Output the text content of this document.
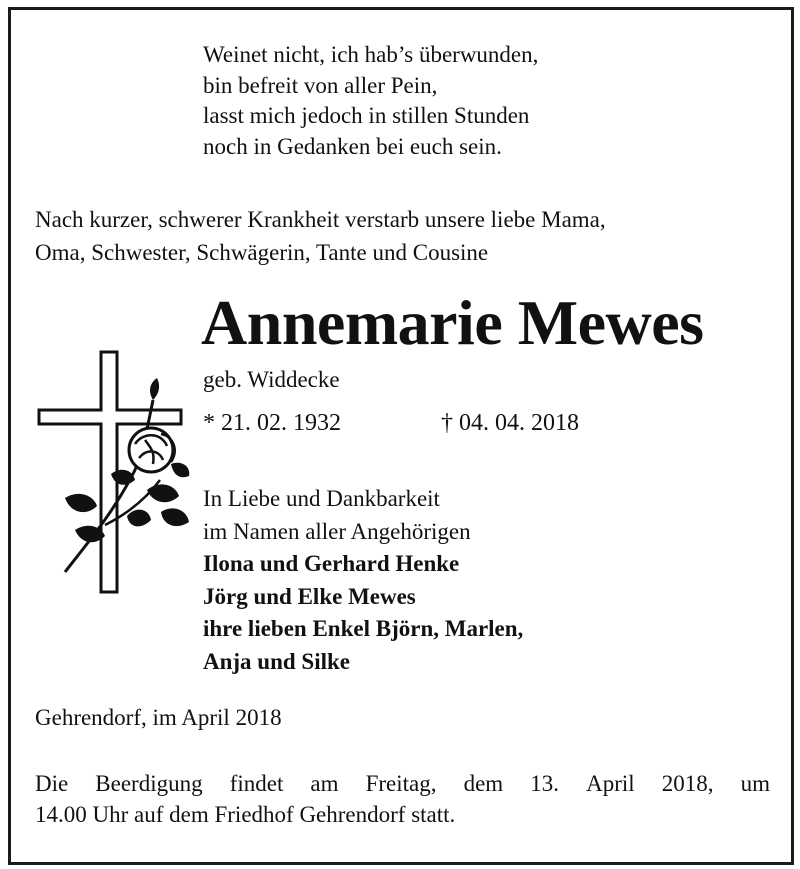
Weinet nicht, ich hab’s überwunden,
bin befreit von aller Pein,
lasst mich jedoch in stillen Stunden
noch in Gedanken bei euch sein.
Nach kurzer, schwerer Krankheit verstarb unsere liebe Mama,
Oma, Schwester, Schwägerin, Tante und Cousine
Annemarie Mewes
geb. Widdecke
* 21. 02. 1932	† 04. 04. 2018
In Liebe und Dankbarkeit
im Namen aller Angehörigen
Ilona und Gerhard Henke
Jörg und Elke Mewes
ihre lieben Enkel Björn, Marlen,
Anja und Silke
Gehrendorf, im April 2018
Die Beerdigung findet am Freitag, dem 13. April 2018, um
14.00 Uhr auf dem Friedhof Gehrendorf statt.
